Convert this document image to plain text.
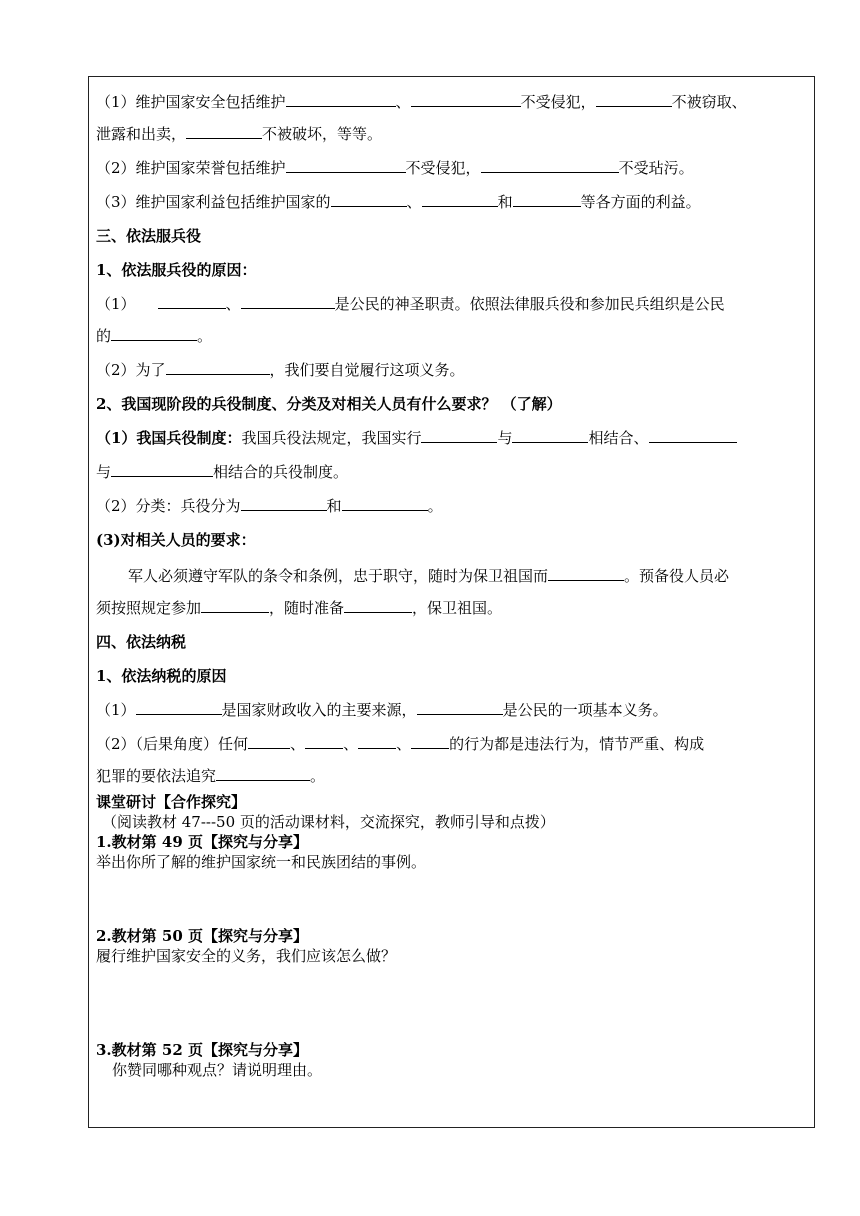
（1）维护国家安全包括维护	、	不受侵犯，	不被窃取、
泄露和出卖，	不被破坏，等等。
（2）维护国家荣誉包括维护	不受侵犯，	不受玷污。
（3）维护国家利益包括维护国家的	、	和	等各方面的利益。
三、依法服兵役
1、依法服兵役的原因：
（1）	、	是公民的神圣职责。依照法律服兵役和参加民兵组织是公民
的	。
（2）为了	，我们要自觉履行这项义务。
2、我国现阶段的兵役制度、分类及对相关人员有什么要求？ （了解）
（1）我国兵役制度：我国兵役法规定，我国实行	与	相结合、
与	相结合的兵役制度。
（2）分类：兵役分为	和	。
(3)对相关人员的要求：
军人必须遵守军队的条令和条例，忠于职守，随时为保卫祖国而	。预备役人员必
须按照规定参加	，随时准备	，保卫祖国。
四、依法纳税
1、依法纳税的原因
（1）	是国家财政收入的主要来源，	是公民的一项基本义务。
（2）（后果角度）任何	、	、	、	的行为都是违法行为，情节严重、构成
犯罪的要依法追究	。
课堂研讨【合作探究】
（阅读教材 47---50 页的活动课材料，交流探究，教师引导和点拨）
1.教材第 49 页【探究与分享】
举出你所了解的维护国家统一和民族团结的事例。
2.教材第 50 页【探究与分享】
履行维护国家安全的义务，我们应该怎么做？
3.教材第 52 页【探究与分享】
你赞同哪种观点？请说明理由。
